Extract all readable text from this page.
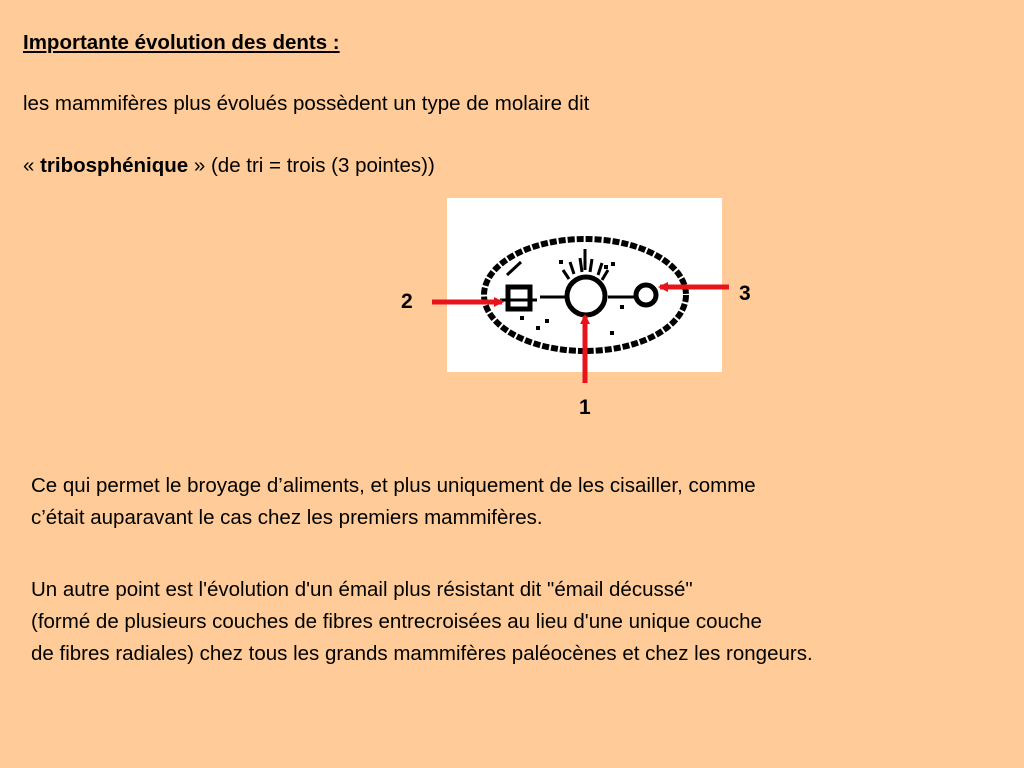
Importante évolution des dents :
les mammifères plus évolués possèdent un type de molaire dit
« tribosphénique » (de tri = trois (3 pointes))
1
2	3
Ce qui permet le broyage d’aliments, et plus uniquement de les cisailler, comme
c’était auparavant le cas chez les premiers mammifères.
Un autre point est l'évolution d'un émail plus résistant dit "émail décussé"
(formé de plusieurs couches de fibres entrecroisées au lieu d'une unique couche
de fibres radiales) chez tous les grands mammifères paléocènes et chez les rongeurs.
